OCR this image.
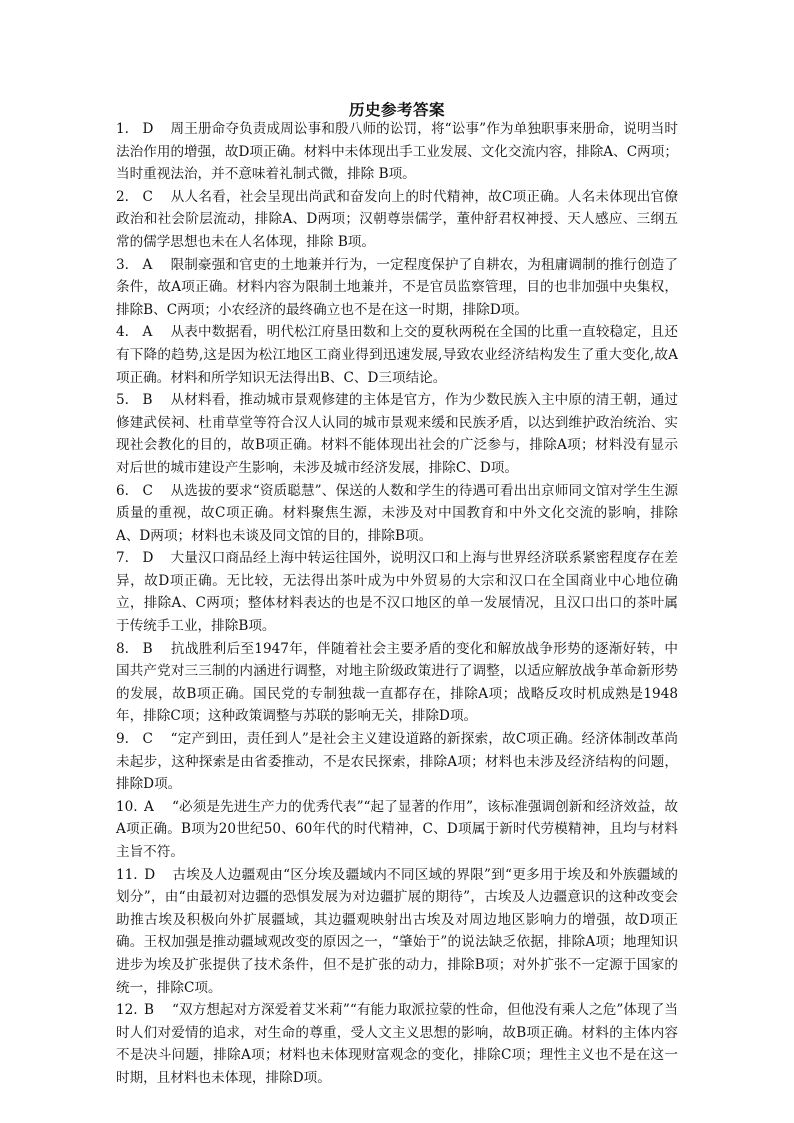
历史参考答案

1. D 周王册命夺负责成周讼事和殷八师的讼罚，将“讼事”作为单独职事来册命，说明当时法治作用的增强，故D项正确。材料中未体现出手工业发展、文化交流内容，排除A、C两项；当时重视法治，并不意味着礼制式微，排除 B项。

2. C 从人名看，社会呈现出尚武和奋发向上的时代精神，故C项正确。人名未体现出官僚政治和社会阶层流动，排除A、D两项；汉朝尊崇儒学，董仲舒君权神授、天人感应、三纲五常的儒学思想也未在人名体现，排除 B项。

3. A 限制豪强和官吏的土地兼并行为，一定程度保护了自耕农，为租庸调制的推行创造了条件，故A项正确。材料内容为限制土地兼并，不是官员监察管理，目的也非加强中央集权，排除B、C两项；小农经济的最终确立也不是在这一时期，排除D项。

4. A 从表中数据看，明代松江府垦田数和上交的夏秋两税在全国的比重一直较稳定，且还有下降的趋势,这是因为松江地区工商业得到迅速发展,导致农业经济结构发生了重大变化,故A项正确。材料和所学知识无法得出B、C、D三项结论。

5. B 从材料看，推动城市景观修建的主体是官方，作为少数民族入主中原的清王朝，通过修建武侯祠、杜甫草堂等符合汉人认同的城市景观来缓和民族矛盾，以达到维护政治统治、实现社会教化的目的，故B项正确。材料不能体现出社会的广泛参与，排除A项；材料没有显示对后世的城市建设产生影响，未涉及城市经济发展，排除C、D项。

6. C 从选拔的要求“资质聪慧”、保送的人数和学生的待遇可看出出京师同文馆对学生生源质量的重视，故C项正确。材料聚焦生源，未涉及对中国教育和中外文化交流的影响，排除A、D两项；材料也未谈及同文馆的目的，排除B项。

7. D 大量汉口商品经上海中转运往国外，说明汉口和上海与世界经济联系紧密程度存在差异，故D项正确。无比较，无法得出茶叶成为中外贸易的大宗和汉口在全国商业中心地位确立，排除A、C两项；整体材料表达的也是不汉口地区的单一发展情况，且汉口出口的茶叶属于传统手工业，排除B项。

8. B 抗战胜利后至1947年，伴随着社会主要矛盾的变化和解放战争形势的逐渐好转，中国共产党对三三制的内涵进行调整，对地主阶级政策进行了调整，以适应解放战争革命新形势的发展，故B项正确。国民党的专制独裁一直都存在，排除A项；战略反攻时机成熟是1948年，排除C项；这种政策调整与苏联的影响无关，排除D项。

9. C “定产到田，责任到人”是社会主义建设道路的新探索，故C项正确。经济体制改革尚未起步，这种探索是由省委推动，不是农民探索，排除A项；材料也未涉及经济结构的问题，排除D项。

10. A “必须是先进生产力的优秀代表”“起了显著的作用”，该标准强调创新和经济效益，故A项正确。B项为20世纪50、60年代的时代精神，C、D项属于新时代劳模精神，且均与材料主旨不符。

11. D 古埃及人边疆观由“区分埃及疆域内不同区域的界限”到“更多用于埃及和外族疆域的划分”，由“由最初对边疆的恐惧发展为对边疆扩展的期待”，古埃及人边疆意识的这种改变会助推古埃及积极向外扩展疆域，其边疆观映射出古埃及对周边地区影响力的增强，故D项正确。王权加强是推动疆域观改变的原因之一，“肇始于”的说法缺乏依据，排除A项；地理知识进步为埃及扩张提供了技术条件，但不是扩张的动力，排除B项；对外扩张不一定源于国家的统一，排除C项。

12. B “双方想起对方深爱着艾米莉”“有能力取派拉蒙的性命，但他没有乘人之危”体现了当时人们对爱情的追求，对生命的尊重，受人文主义思想的影响，故B项正确。材料的主体内容不是决斗问题，排除A项；材料也未体现财富观念的变化，排除C项；理性主义也不是在这一时期，且材料也未体现，排除D项。
